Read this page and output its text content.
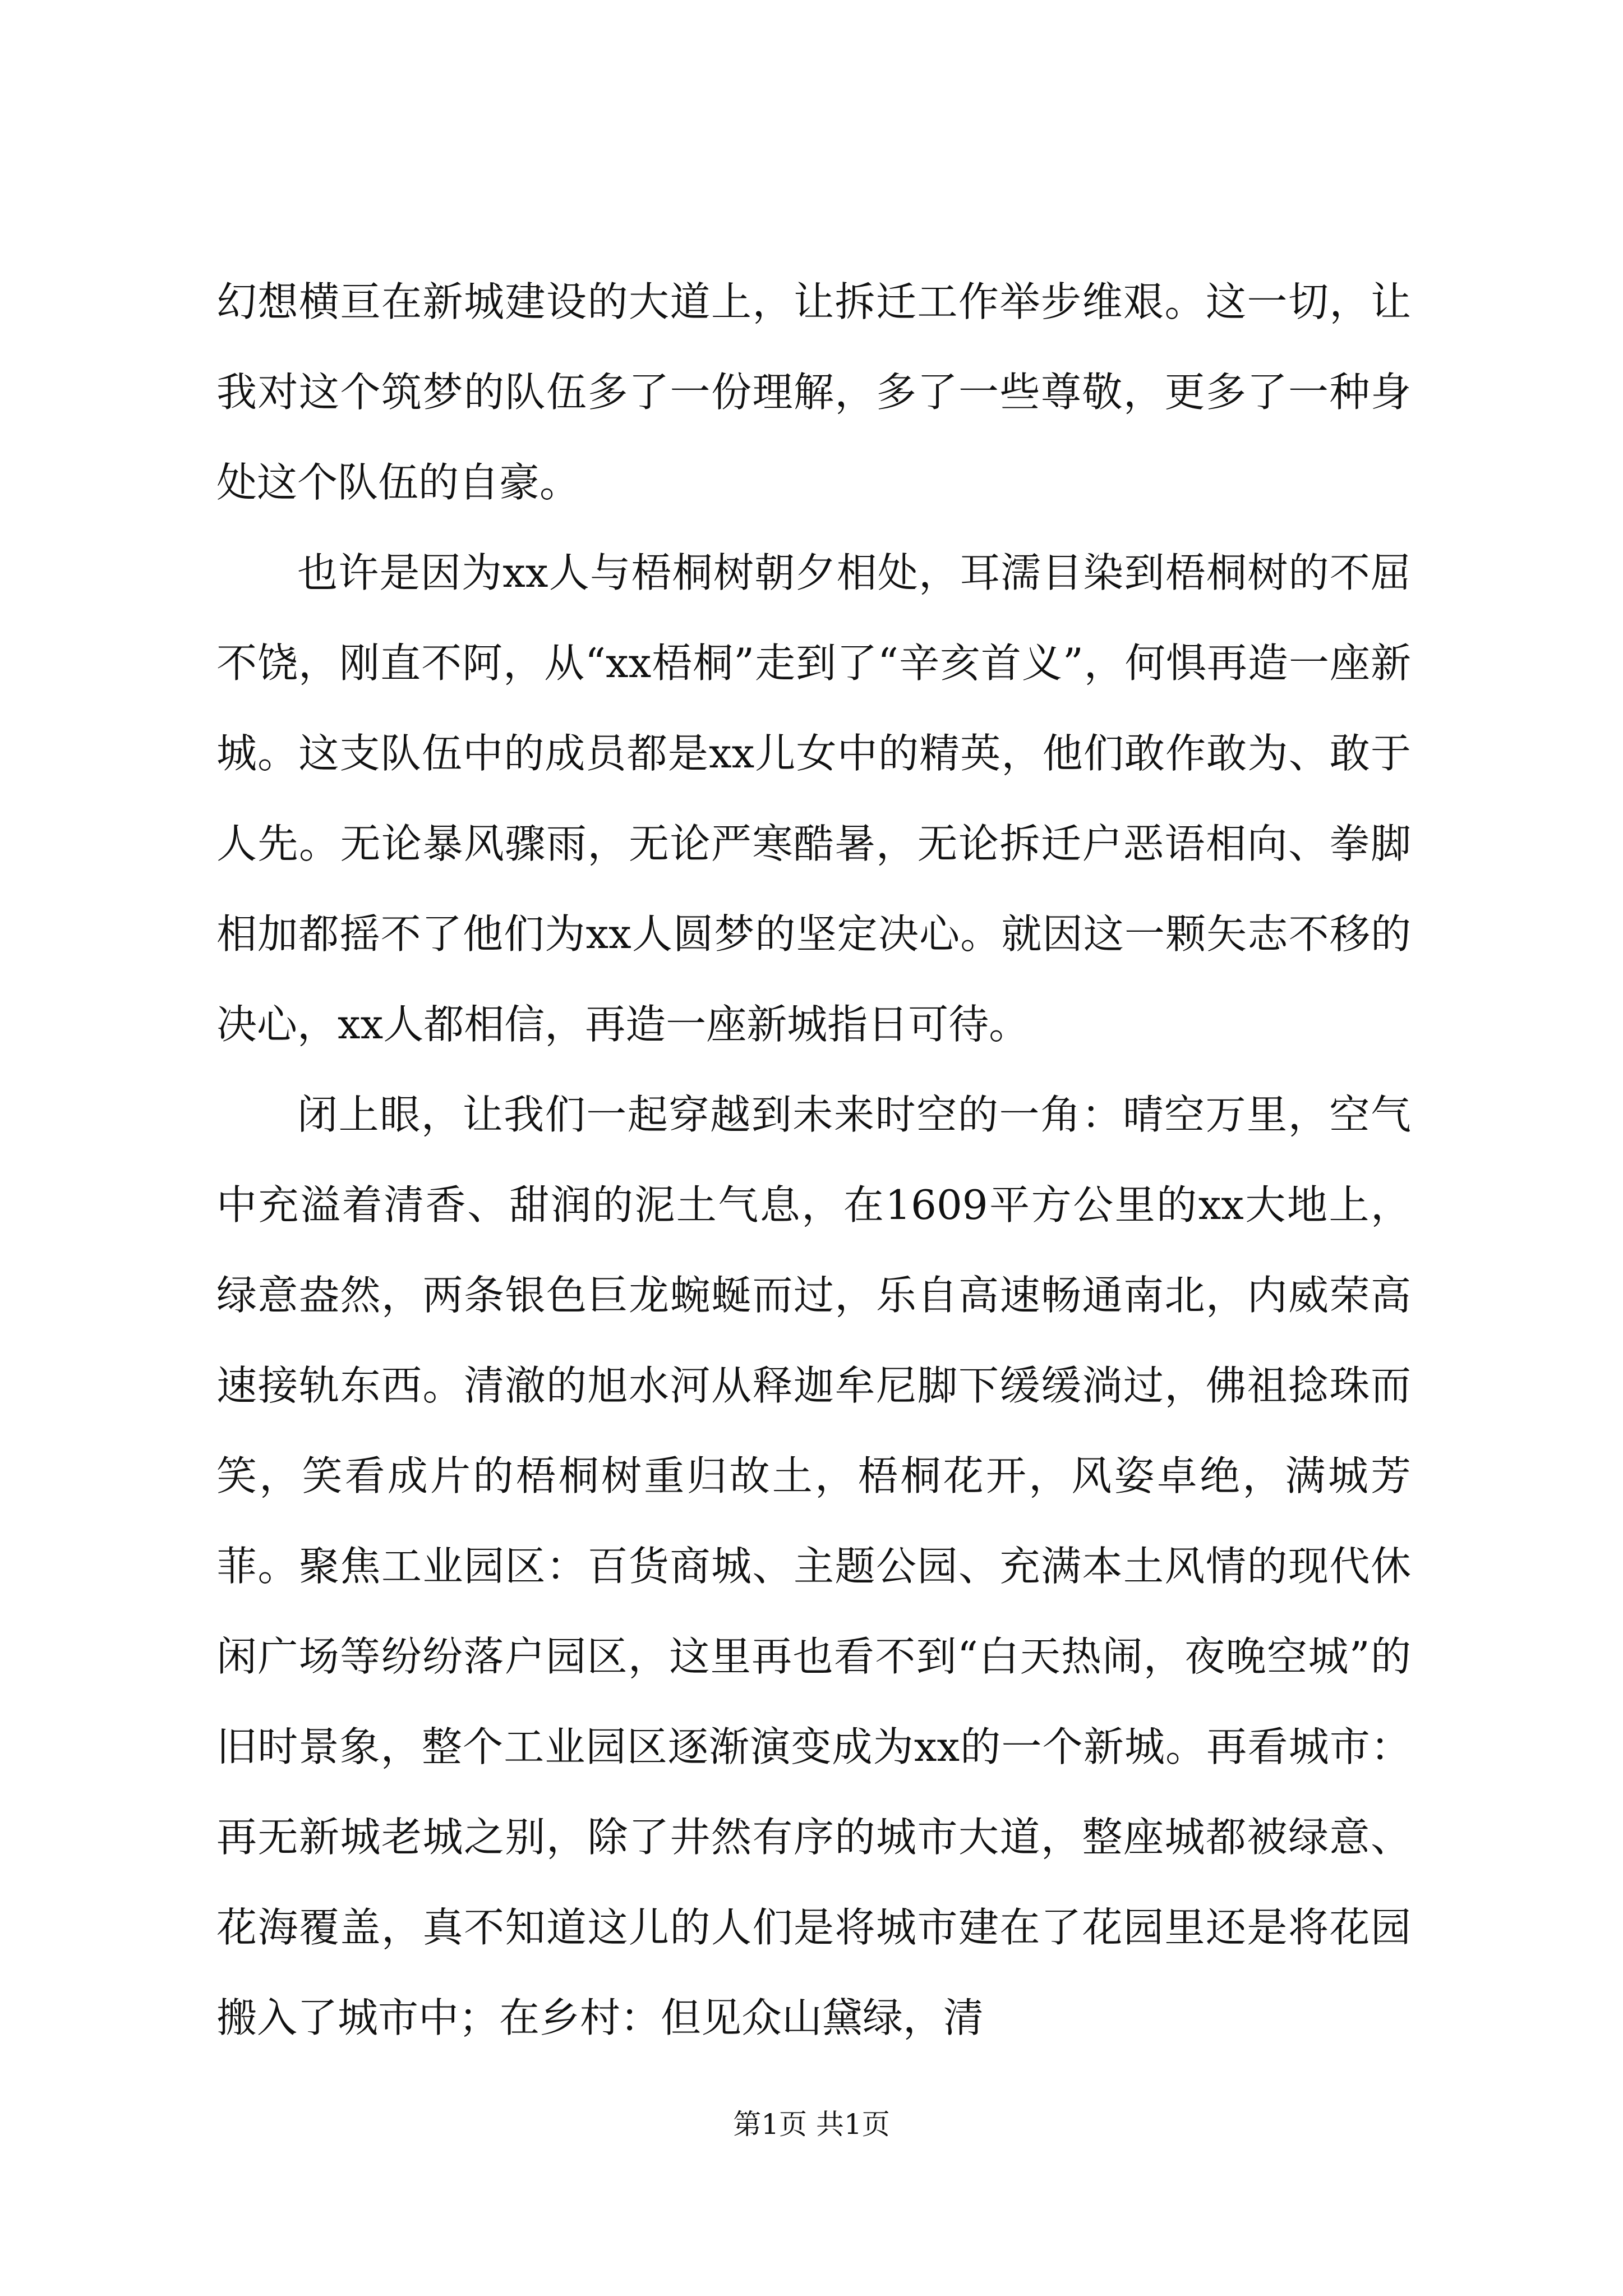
幻想横亘在新城建设的大道上，让拆迁工作举步维艰。这一切，让我对这个筑梦的队伍多了一份理解，多了一些尊敬，更多了一种身处这个队伍的自豪。

也许是因为xx人与梧桐树朝夕相处，耳濡目染到梧桐树的不屈不饶，刚直不阿，从“xx梧桐”走到了“辛亥首义”，何惧再造一座新城。这支队伍中的成员都是xx儿女中的精英，他们敢作敢为、敢于人先。无论暴风骤雨，无论严寒酷暑，无论拆迁户恶语相向、拳脚相加都摇不了他们为xx人圆梦的坚定决心。就因这一颗矢志不移的决心，xx人都相信，再造一座新城指日可待。

闭上眼，让我们一起穿越到未来时空的一角：晴空万里，空气中充溢着清香、甜润的泥土气息，在1609平方公里的xx大地上，绿意盎然，两条银色巨龙蜿蜒而过，乐自高速畅通南北，内威荣高速接轨东西。清澈的旭水河从释迦牟尼脚下缓缓淌过，佛祖捻珠而笑，笑看成片的梧桐树重归故土，梧桐花开，风姿卓绝，满城芳菲。聚焦工业园区：百货商城、主题公园、充满本土风情的现代休闲广场等纷纷落户园区，这里再也看不到“白天热闹，夜晚空城”的旧时景象，整个工业园区逐渐演变成为xx的一个新城。再看城市：再无新城老城之别，除了井然有序的城市大道，整座城都被绿意、花海覆盖，真不知道这儿的人们是将城市建在了花园里还是将花园搬入了城市中；在乡村：但见众山黛绿，清

第1页 共1页
